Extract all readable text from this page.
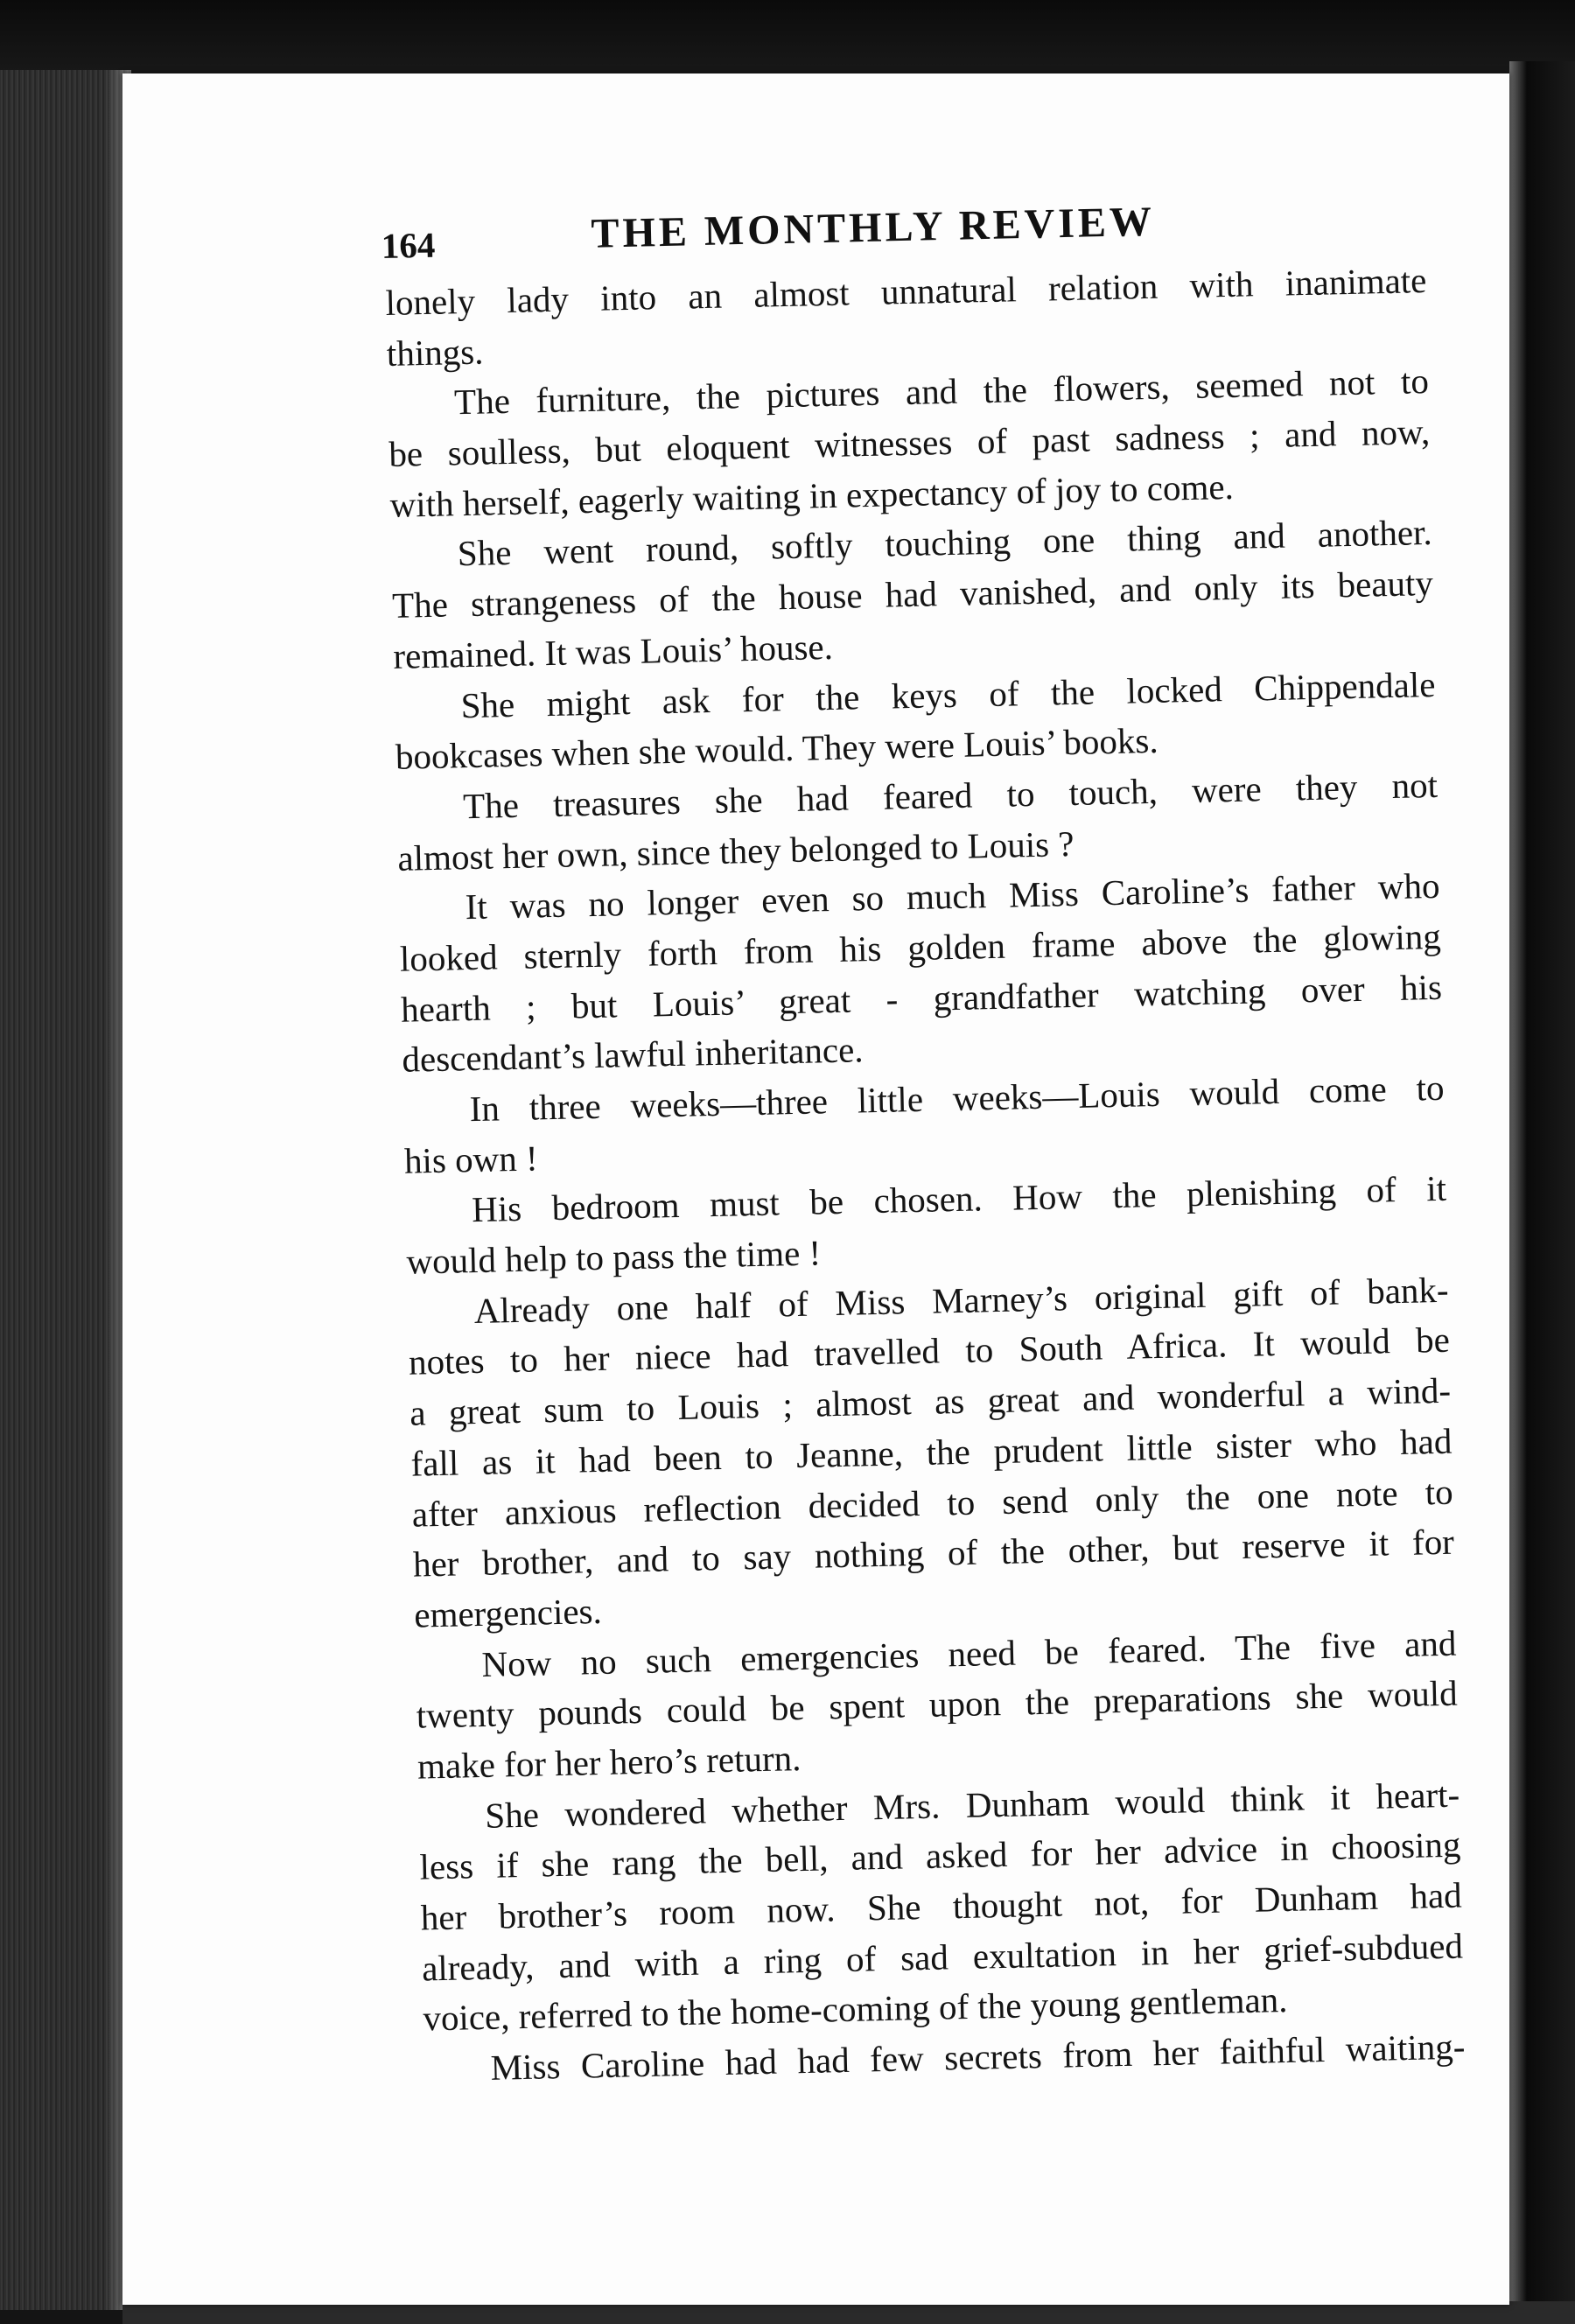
164	THE MONTHLY REVIEW
lonely lady into an almost unnatural relation with inanimate
things.
The furniture, the pictures and the flowers, seemed not to
be soulless, but eloquent witnesses of past sadness ; and now,
with herself, eagerly waiting in expectancy of joy to come.
She went round, softly touching one thing and another.
The strangeness of the house had vanished, and only its beauty
remained. It was Louis’ house.
She might ask for the keys of the locked Chippendale
bookcases when she would. They were Louis’ books.
The treasures she had feared to touch, were they not
almost her own, since they belonged to Louis ?
It was no longer even so much Miss Caroline’s father who
looked sternly forth from his golden frame above the glowing
hearth ; but Louis’ great - grandfather watching over his
descendant’s lawful inheritance.
In three weeks—three little weeks—Louis would come to
his own !
His bedroom must be chosen. How the plenishing of it
would help to pass the time !
Already one half of Miss Marney’s original gift of bank-
notes to her niece had travelled to South Africa. It would be
a great sum to Louis ; almost as great and wonderful a wind-
fall as it had been to Jeanne, the prudent little sister who had
after anxious reflection decided to send only the one note to
her brother, and to say nothing of the other, but reserve it for
emergencies.
Now no such emergencies need be feared. The five and
twenty pounds could be spent upon the preparations she would
make for her hero’s return.
She wondered whether Mrs. Dunham would think it heart-
less if she rang the bell, and asked for her advice in choosing
her brother’s room now. She thought not, for Dunham had
already, and with a ring of sad exultation in her grief-subdued
voice, referred to the home-coming of the young gentleman.
Miss Caroline had had few secrets from her faithful waiting-
